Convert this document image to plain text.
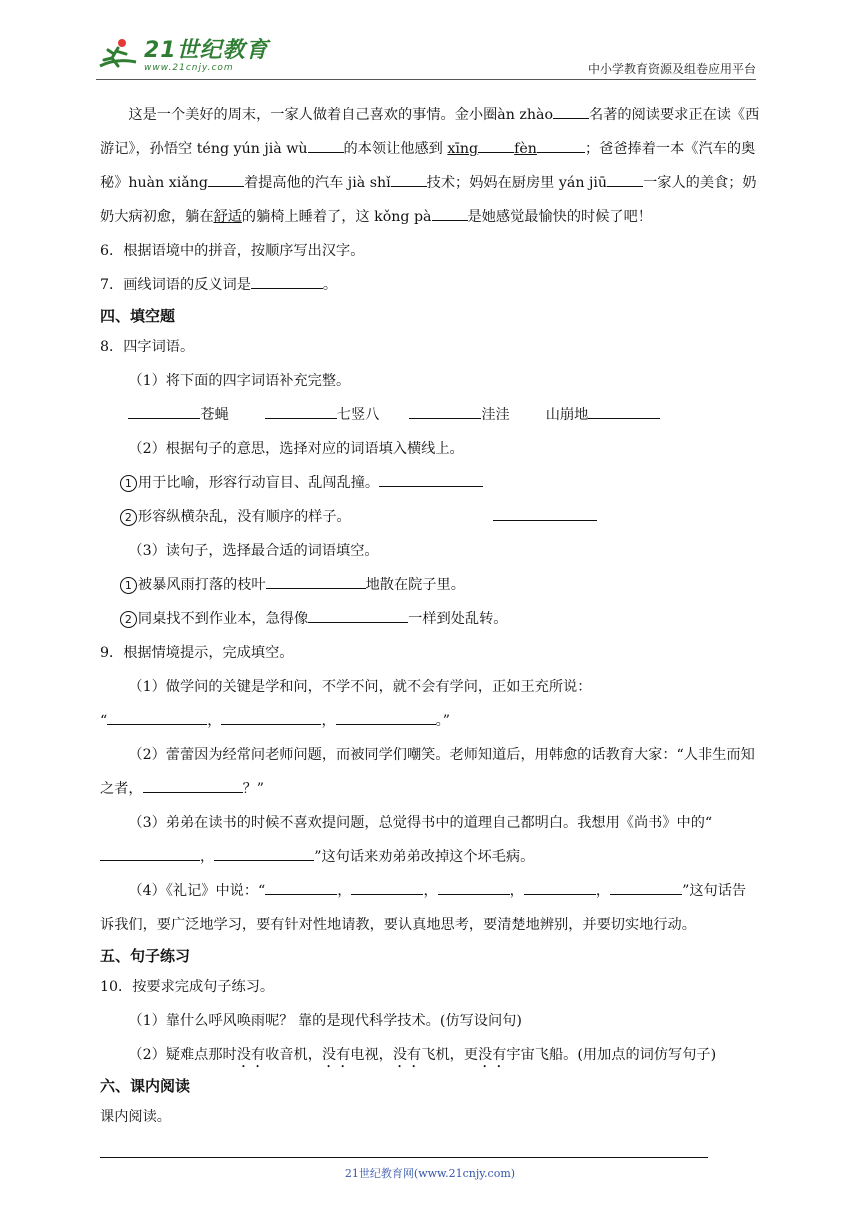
21世纪教育
www.21cnjy.com	中小学教育资源及组卷应用平台

这是一个美好的周末，一家人做着自己喜欢的事情。金小圈àn zhào	名著的阅读要求正在读《西游记》，孙悟空 téng yún jià wù	的本领让他感到 xīng	fèn	；爸爸捧着一本《汽车的奥秘》huàn xiǎng	着提高他的汽车 jià shǐ	技术；妈妈在厨房里 yán jiū	一家人的美食；奶奶大病初愈，躺在舒适的躺椅上睡着了，这 kǒng pà	是她感觉最愉快的时候了吧！

6．根据语境中的拼音，按顺序写出汉字。

7．画线词语的反义词是	。

四、填空题

8．四字词语。

（1）将下面的四字词语补充完整。

苍蝇	七竖八	洼洼	山崩地

（2）根据句子的意思，选择对应的词语填入横线上。

1 用于比喻，形容行动盲目、乱闯乱撞。

2 形容纵横杂乱，没有顺序的样子。

（3）读句子，选择最合适的词语填空。

1 被暴风雨打落的枝叶	地散在院子里。

2 同桌找不到作业本，急得像	一样到处乱转。

9．根据情境提示，完成填空。

（1）做学问的关键是学和问，不学不问，就不会有学问，正如王充所说：

“	，	，	。”

（2）蕾蕾因为经常问老师问题，而被同学们嘲笑。老师知道后，用韩愈的话教育大家：“人非生而知之者，	？”

（3）弟弟在读书的时候不喜欢提问题，总觉得书中的道理自己都明白。我想用《尚书》中的“，	”这句话来劝弟弟改掉这个坏毛病。

（4）《礼记》中说：“	，	，	，	，	”这句话告诉我们，要广泛地学习，要有针对性地请教，要认真地思考，要清楚地辨别，并要切实地行动。

五、句子练习

10．按要求完成句子练习。

（1）靠什么呼风唤雨呢？ 靠的是现代科学技术。(仿写设问句)

（2）疑难点那时没有收音机，没有电视，没有飞机，更没有宇宙飞船。(用加点的词仿写句子)

六、课内阅读

课内阅读。

21世纪教育网(www.21cnjy.com)
